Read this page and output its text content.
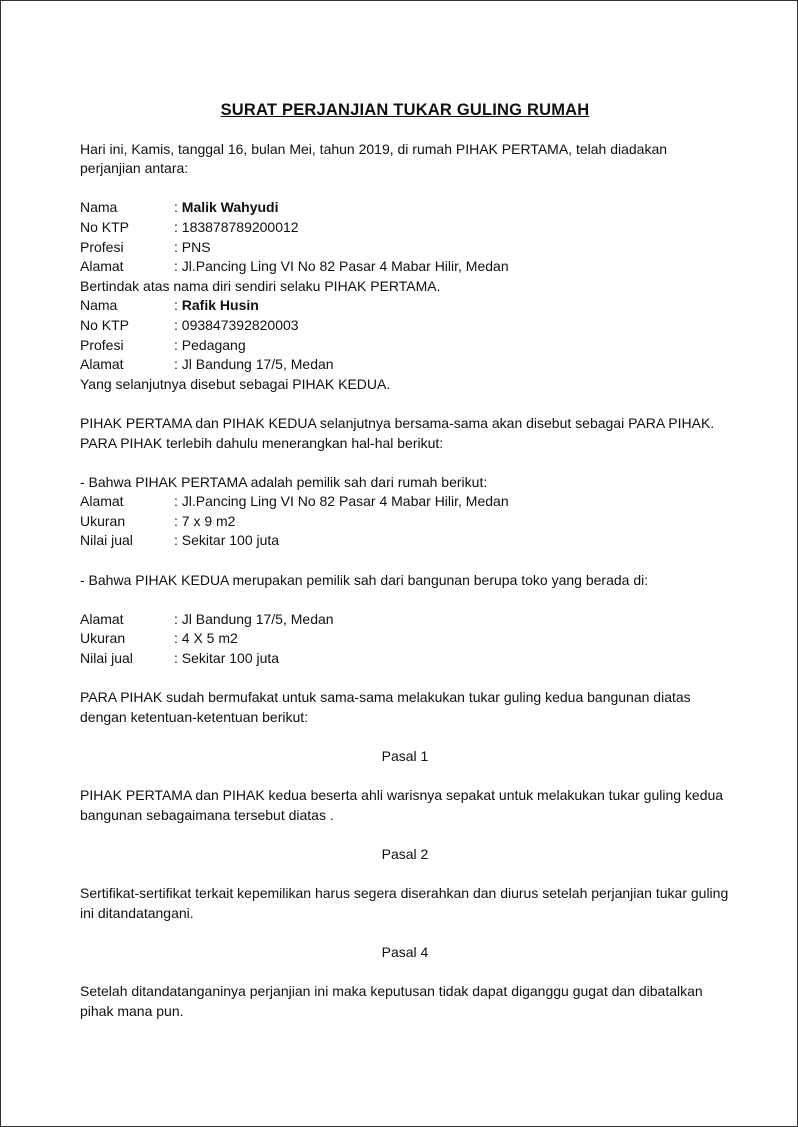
SURAT PERJANJIAN TUKAR GULING RUMAH

Hari ini, Kamis, tanggal 16, bulan Mei, tahun 2019, di rumah PIHAK PERTAMA, telah diadakan perjanjian antara:

Nama	: Malik Wahyudi
No KTP	: 183878789200012
Profesi	: PNS
Alamat	: Jl.Pancing Ling VI No 82 Pasar 4 Mabar Hilir, Medan

Bertindak atas nama diri sendiri selaku PIHAK PERTAMA.

Nama	: Rafik Husin
No KTP	: 093847392820003
Profesi	: Pedagang
Alamat	: Jl Bandung 17/5, Medan

Yang selanjutnya disebut sebagai PIHAK KEDUA.

PIHAK PERTAMA dan PIHAK KEDUA selanjutnya bersama-sama akan disebut sebagai PARA PIHAK.

PARA PIHAK terlebih dahulu menerangkan hal-hal berikut:

- Bahwa PIHAK PERTAMA adalah pemilik sah dari rumah berikut:

Alamat	: Jl.Pancing Ling VI No 82 Pasar 4 Mabar Hilir, Medan
Ukuran	: 7 x 9 m2
Nilai jual	: Sekitar 100 juta

- Bahwa PIHAK KEDUA merupakan pemilik sah dari bangunan berupa toko yang berada di:

Alamat	: Jl Bandung 17/5, Medan
Ukuran	: 4 X 5 m2
Nilai jual	: Sekitar 100 juta

PARA PIHAK sudah bermufakat untuk sama-sama melakukan tukar guling kedua bangunan diatas dengan ketentuan-ketentuan berikut:

Pasal 1

PIHAK PERTAMA dan PIHAK kedua beserta ahli warisnya sepakat untuk melakukan tukar guling kedua bangunan sebagaimana tersebut diatas .

Pasal 2

Sertifikat-sertifikat terkait kepemilikan harus segera diserahkan dan diurus setelah perjanjian tukar guling ini ditandatangani.

Pasal 4

Setelah ditandatanganinya perjanjian ini maka keputusan tidak dapat diganggu gugat dan dibatalkan pihak mana pun.
